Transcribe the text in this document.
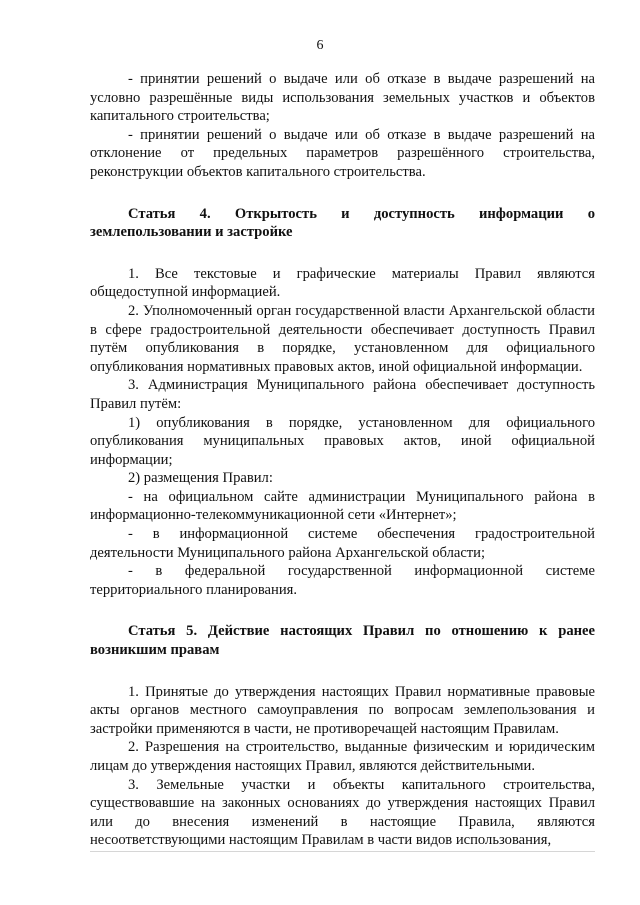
6

- принятии решений о выдаче или об отказе в выдаче разрешений на условно разрешённые виды использования земельных участков и объектов капитального строительства;

- принятии решений о выдаче или об отказе в выдаче разрешений на отклонение от предельных параметров разрешённого строительства, реконструкции объектов капитального строительства.

Статья 4. Открытость и доступность информации о землепользовании и застройке

1. Все текстовые и графические материалы Правил являются общедоступной информацией.

2. Уполномоченный орган государственной власти Архангельской области в сфере градостроительной деятельности обеспечивает доступность Правил путём опубликования в порядке, установленном для официального опубликования нормативных правовых актов, иной официальной информации.

3. Администрация Муниципального района обеспечивает доступность Правил путём:

1) опубликования в порядке, установленном для официального опубликования муниципальных правовых актов, иной официальной информации;

2) размещения Правил:

- на официальном сайте администрации Муниципального района в информационно-телекоммуникационной сети «Интернет»;

- в информационной системе обеспечения градостроительной деятельности Муниципального района Архангельской области;

- в федеральной государственной информационной системе территориального планирования.

Статья 5. Действие настоящих Правил по отношению к ранее возникшим правам

1. Принятые до утверждения настоящих Правил нормативные правовые акты органов местного самоуправления по вопросам землепользования и застройки применяются в части, не противоречащей настоящим Правилам.

2. Разрешения на строительство, выданные физическим и юридическим лицам до утверждения настоящих Правил, являются действительными.

3. Земельные участки и объекты капитального строительства, существовавшие на законных основаниях до утверждения настоящих Правил или до внесения изменений в настоящие Правила, являются несоответствующими настоящим Правилам в части видов использования,
